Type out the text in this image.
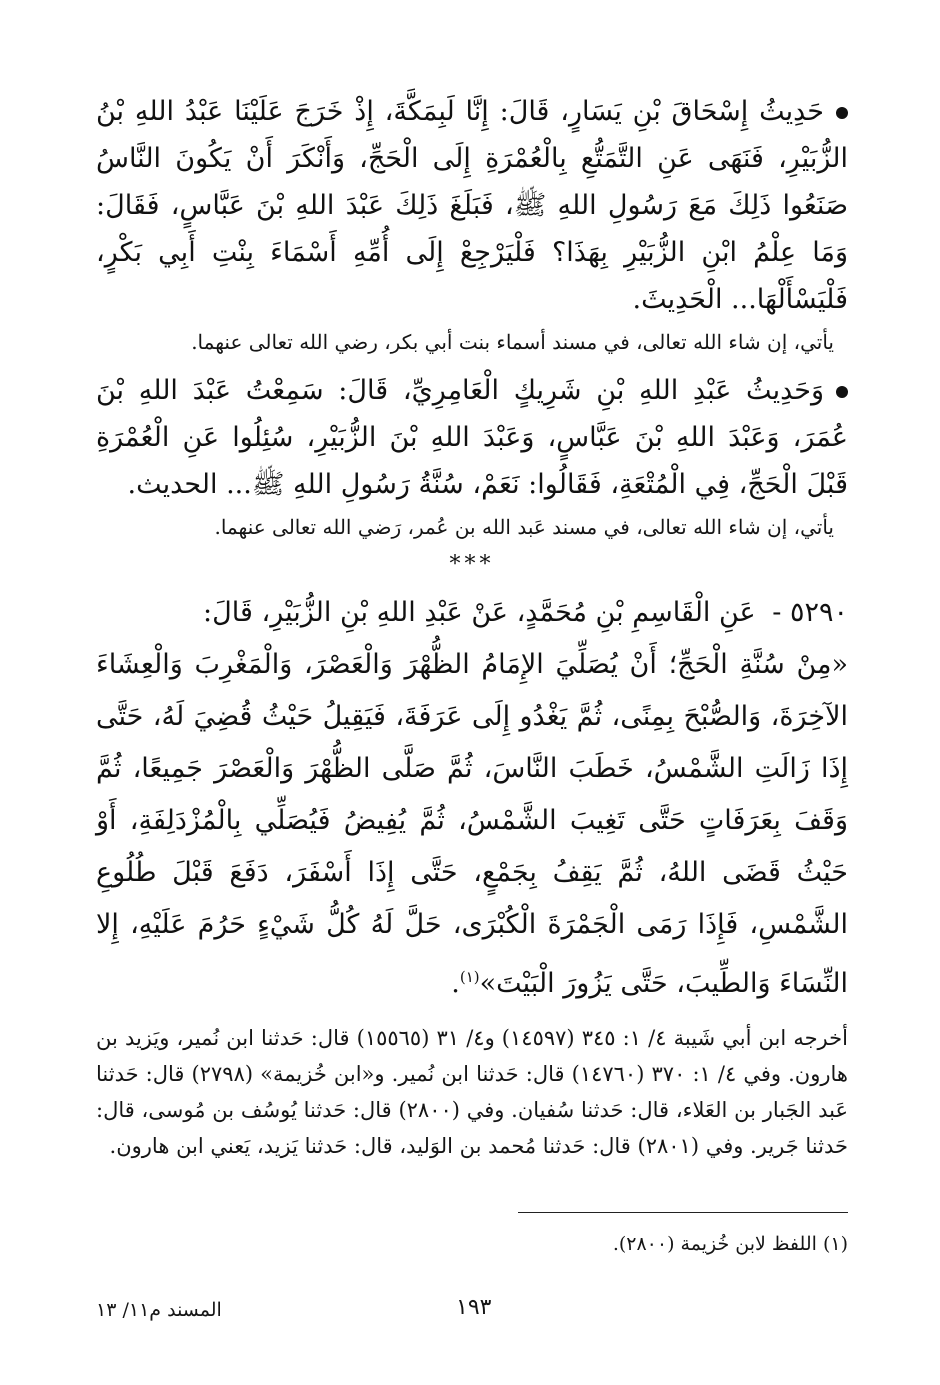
حَدِيثُ إِسْحَاقَ بْنِ يَسَارٍ، قَالَ: إِنَّا لَبِمَكَّةَ، إِذْ خَرَجَ عَلَيْنَا عَبْدُ اللهِ بْنُ الزُّبَيْرِ، فَنَهَى عَنِ التَّمَتُّعِ بِالْعُمْرَةِ إِلَى الْحَجِّ، وَأَنْكَرَ أَنْ يَكُونَ النَّاسُ صَنَعُوا ذَلِكَ مَعَ رَسُولِ اللهِ ﷺ، فَبَلَغَ ذَلِكَ عَبْدَ اللهِ بْنَ عَبَّاسٍ، فَقَالَ: وَمَا عِلْمُ ابْنِ الزُّبَيْرِ بِهَذَا؟ فَلْيَرْجِعْ إِلَى أُمِّهِ أَسْمَاءَ بِنْتِ أَبِي بَكْرٍ، فَلْيَسْأَلْهَا... الْحَدِيثَ.

يأتي، إن شاء الله تعالى، في مسند أسماء بنت أبي بكر، رضي الله تعالى عنهما.

وَحَدِيثُ عَبْدِ اللهِ بْنِ شَرِيكٍ الْعَامِرِيِّ، قَالَ: سَمِعْتُ عَبْدَ اللهِ بْنَ عُمَرَ، وَعَبْدَ اللهِ بْنَ عَبَّاسٍ، وَعَبْدَ اللهِ بْنَ الزُّبَيْرِ، سُئِلُوا عَنِ الْعُمْرَةِ قَبْلَ الْحَجِّ، فِي الْمُتْعَةِ، فَقَالُوا: نَعَمْ، سُنَّةُ رَسُولِ اللهِ ﷺ... الحديث.

يأتي، إن شاء الله تعالى، في مسند عَبد الله بن عُمر، رَضي الله تعالى عنهما.

***

٥٢٩٠ - عَنِ الْقَاسِمِ بْنِ مُحَمَّدٍ، عَنْ عَبْدِ اللهِ بْنِ الزُّبَيْرِ، قَالَ:
«مِنْ سُنَّةِ الْحَجِّ؛ أَنْ يُصَلِّيَ الإِمَامُ الظُّهْرَ وَالْعَصْرَ، وَالْمَغْرِبَ وَالْعِشَاءَ الآخِرَةَ، وَالصُّبْحَ بِمِنًى، ثُمَّ يَغْدُو إِلَى عَرَفَةَ، فَيَقِيلُ حَيْثُ قُضِيَ لَهُ، حَتَّى إِذَا زَالَتِ الشَّمْسُ، خَطَبَ النَّاسَ، ثُمَّ صَلَّى الظُّهْرَ وَالْعَصْرَ جَمِيعًا، ثُمَّ وَقَفَ بِعَرَفَاتٍ حَتَّى تَغِيبَ الشَّمْسُ، ثُمَّ يُفِيضُ فَيُصَلِّي بِالْمُزْدَلِفَةِ، أَوْ حَيْثُ قَضَى اللهُ، ثُمَّ يَقِفُ بِجَمْعٍ، حَتَّى إِذَا أَسْفَرَ، دَفَعَ قَبْلَ طُلُوعِ الشَّمْسِ، فَإِذَا رَمَى الْجَمْرَةَ الْكُبْرَى، حَلَّ لَهُ كُلُّ شَيْءٍ حَرُمَ عَلَيْهِ، إِلا النِّسَاءَ وَالطِّيبَ، حَتَّى يَزُورَ الْبَيْتَ»$^{(١)}$.

أخرجه ابن أبي شَيبة ٤/ ١: ٣٤٥ (١٤٥٩٧) و٤/ ٣١ (١٥٥٦٥) قال: حَدثنا ابن نُمير، ويَزيد بن هارون. وفي ٤/ ١: ٣٧٠ (١٤٧٦٠) قال: حَدثنا ابن نُمير. و«ابن خُزيمة» (٢٧٩٨) قال: حَدثنا عَبد الجَبار بن العَلاء، قال: حَدثنا سُفيان. وفي (٢٨٠٠) قال: حَدثنا يُوسُف بن مُوسى، قال: حَدثنا جَرير. وفي (٢٨٠١) قال: حَدثنا مُحمد بن الوَليد، قال: حَدثنا يَزيد، يَعني ابن هارون.

(١) اللفظ لابن خُزيمة (٢٨٠٠).
١٩٣
المسند م١١/ ١٣
